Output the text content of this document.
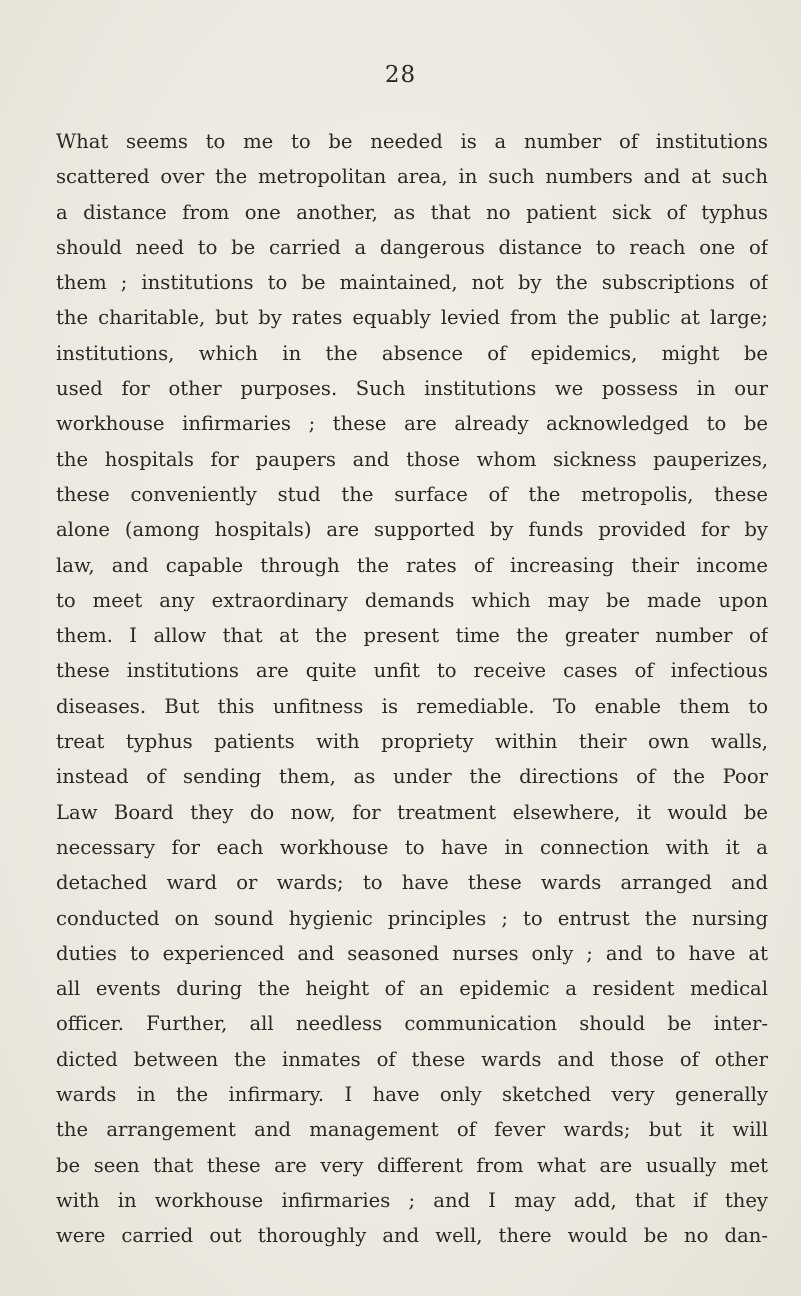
28
What seems to me to be needed is a number of institutions
scattered over the metropolitan area, in such numbers and at such
a distance from one another, as that no patient sick of typhus
should need to be carried a dangerous distance to reach one of
them ; institutions to be maintained, not by the subscriptions of
the charitable, but by rates equably levied from the public at large;
institutions, which in the absence of epidemics, might be
used for other purposes. Such institutions we possess in our
workhouse infirmaries ; these are already acknowledged to be
the hospitals for paupers and those whom sickness pauperizes,
these conveniently stud the surface of the metropolis, these
alone (among hospitals) are supported by funds provided for by
law, and capable through the rates of increasing their income
to meet any extraordinary demands which may be made upon
them. I allow that at the present time the greater number of
these institutions are quite unfit to receive cases of infectious
diseases. But this unfitness is remediable. To enable them to
treat typhus patients with propriety within their own walls,
instead of sending them, as under the directions of the Poor
Law Board they do now, for treatment elsewhere, it would be
necessary for each workhouse to have in connection with it a
detached ward or wards; to have these wards arranged and
conducted on sound hygienic principles ; to entrust the nursing
duties to experienced and seasoned nurses only ; and to have at
all events during the height of an epidemic a resident medical
officer. Further, all needless communication should be inter-
dicted between the inmates of these wards and those of other
wards in the infirmary. I have only sketched very generally
the arrangement and management of fever wards; but it will
be seen that these are very different from what are usually met
with in workhouse infirmaries ; and I may add, that if they
were carried out thoroughly and well, there would be no dan-
